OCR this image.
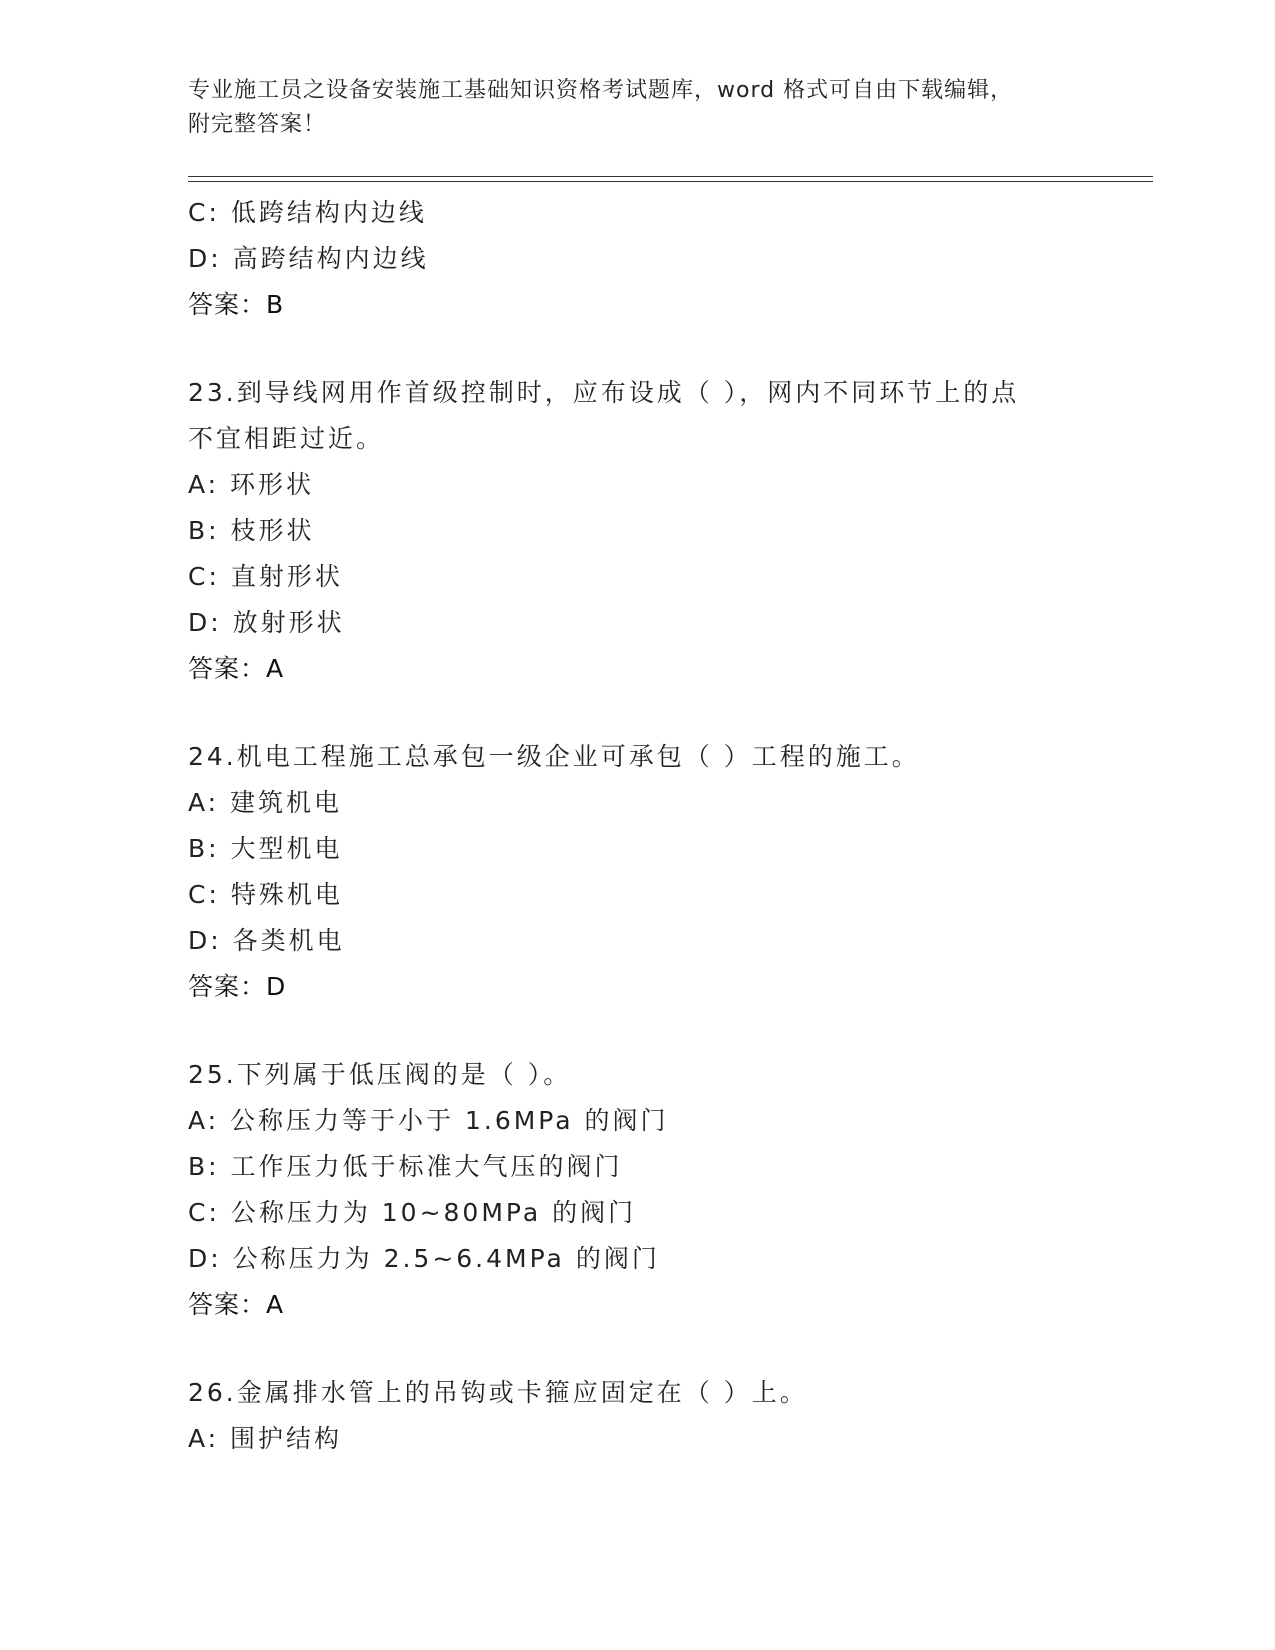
专业施工员之设备安装施工基础知识资格考试题库，word 格式可自由下载编辑，
附完整答案！
C: 低跨结构内边线
D: 高跨结构内边线
答案：B
23.到导线网用作首级控制时，应布设成（ ），网内不同环节上的点
不宜相距过近。
A: 环形状
B: 枝形状
C: 直射形状
D: 放射形状
答案：A
24.机电工程施工总承包一级企业可承包（ ）工程的施工。
A: 建筑机电
B: 大型机电
C: 特殊机电
D: 各类机电
答案：D
25.下列属于低压阀的是（ ）。
A: 公称压力等于小于 1.6MPa 的阀门
B: 工作压力低于标准大气压的阀门
C: 公称压力为 10~80MPa 的阀门
D: 公称压力为 2.5~6.4MPa 的阀门
答案：A
26.金属排水管上的吊钩或卡箍应固定在（ ）上。
A: 围护结构
